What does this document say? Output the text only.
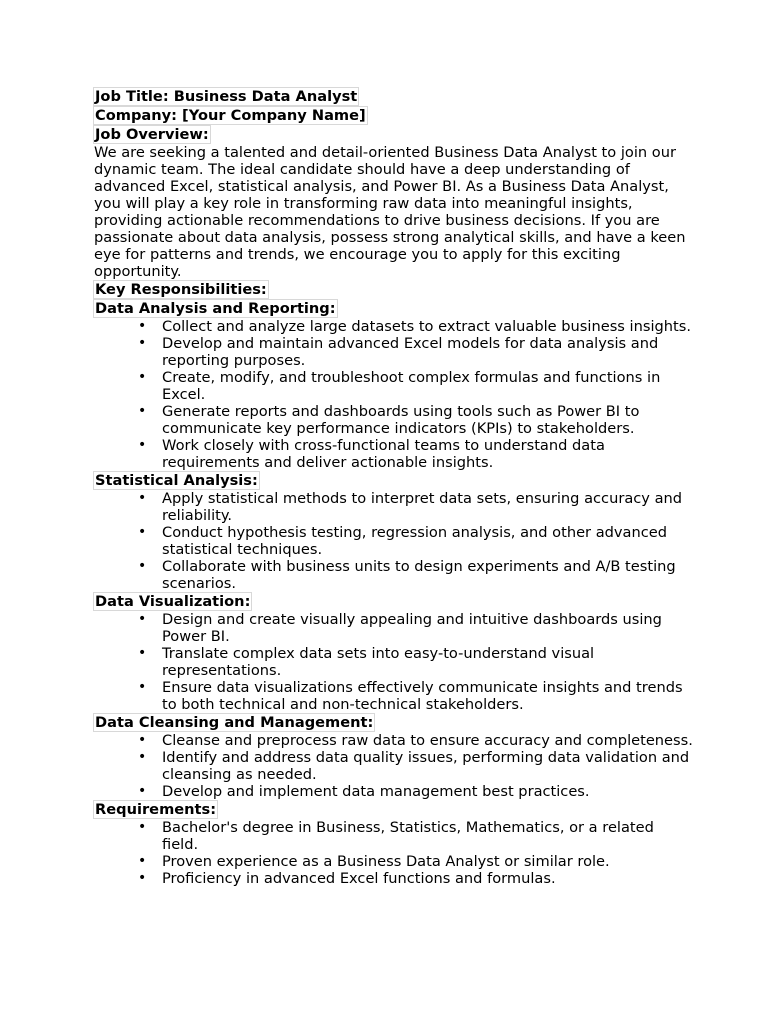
Job Title: Business Data Analyst
Company: [Your Company Name]
Job Overview:

We are seeking a talented and detail-oriented Business Data Analyst to join our dynamic team. The ideal candidate should have a deep understanding of advanced Excel, statistical analysis, and Power BI. As a Business Data Analyst, you will play a key role in transforming raw data into meaningful insights, providing actionable recommendations to drive business decisions. If you are passionate about data analysis, possess strong analytical skills, and have a keen eye for patterns and trends, we encourage you to apply for this exciting opportunity.

Key Responsibilities:
Data Analysis and Reporting:
• Collect and analyze large datasets to extract valuable business insights.
• Develop and maintain advanced Excel models for data analysis and reporting purposes.
• Create, modify, and troubleshoot complex formulas and functions in Excel.
• Generate reports and dashboards using tools such as Power BI to communicate key performance indicators (KPIs) to stakeholders.
• Work closely with cross-functional teams to understand data requirements and deliver actionable insights.
Statistical Analysis:
• Apply statistical methods to interpret data sets, ensuring accuracy and reliability.
• Conduct hypothesis testing, regression analysis, and other advanced statistical techniques.
• Collaborate with business units to design experiments and A/B testing scenarios.
Data Visualization:
• Design and create visually appealing and intuitive dashboards using Power BI.
• Translate complex data sets into easy-to-understand visual representations.
• Ensure data visualizations effectively communicate insights and trends to both technical and non-technical stakeholders.
Data Cleansing and Management:
• Cleanse and preprocess raw data to ensure accuracy and completeness.
• Identify and address data quality issues, performing data validation and cleansing as needed.
• Develop and implement data management best practices.
Requirements:
• Bachelor's degree in Business, Statistics, Mathematics, or a related field.
• Proven experience as a Business Data Analyst or similar role.
• Proficiency in advanced Excel functions and formulas.
